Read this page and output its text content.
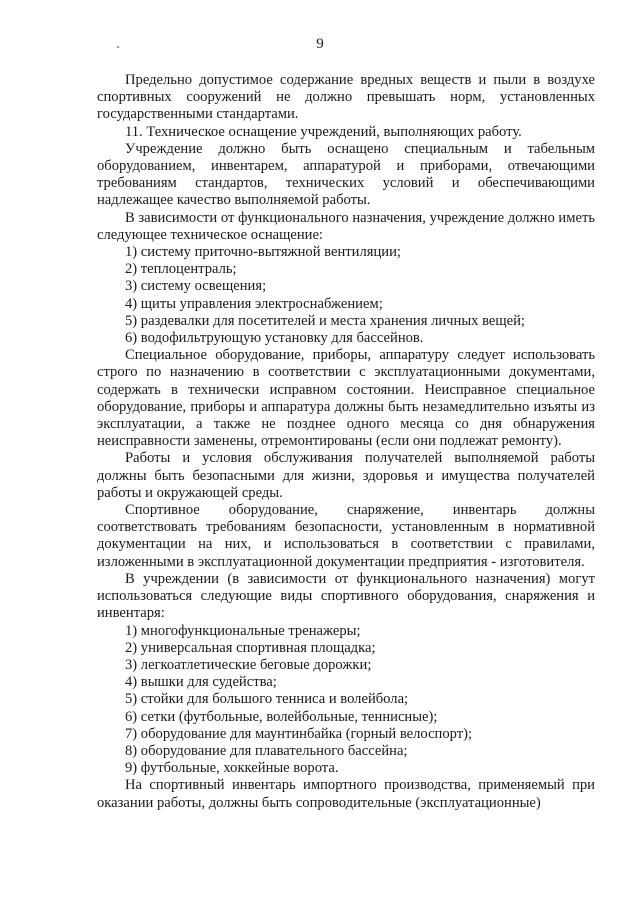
9

Предельно допустимое содержание вредных веществ и пыли в воздухе спортивных сооружений не должно превышать норм, установленных государственными стандартами.

11. Техническое оснащение учреждений, выполняющих работу.

Учреждение должно быть оснащено специальным и табельным оборудованием, инвентарем, аппаратурой и приборами, отвечающими требованиям стандартов, технических условий и обеспечивающими надлежащее качество выполняемой работы.

В зависимости от функционального назначения, учреждение должно иметь следующее техническое оснащение:

1) систему приточно-вытяжной вентиляции;
2) теплоцентраль;
3) систему освещения;
4) щиты управления электроснабжением;
5) раздевалки для посетителей и места хранения личных вещей;
6) водофильтрующую установку для бассейнов.

Специальное оборудование, приборы, аппаратуру следует использовать строго по назначению в соответствии с эксплуатационными документами, содержать в технически исправном состоянии. Неисправное специальное оборудование, приборы и аппаратура должны быть незамедлительно изъяты из эксплуатации, а также не позднее одного месяца со дня обнаружения неисправности заменены, отремонтированы (если они подлежат ремонту).

Работы и условия обслуживания получателей выполняемой работы должны быть безопасными для жизни, здоровья и имущества получателей работы и окружающей среды.

Спортивное оборудование, снаряжение, инвентарь должны соответствовать требованиям безопасности, установленным в нормативной документации на них, и использоваться в соответствии с правилами, изложенными в эксплуатационной документации предприятия - изготовителя.

В учреждении (в зависимости от функционального назначения) могут использоваться следующие виды спортивного оборудования, снаряжения и инвентаря:

1) многофункциональные тренажеры;
2) универсальная спортивная площадка;
3) легкоатлетические беговые дорожки;
4) вышки для судейства;
5) стойки для большого тенниса и волейбола;
6) сетки (футбольные, волейбольные, теннисные);
7) оборудование для маунтинбайка (горный велоспорт);
8) оборудование для плавательного бассейна;
9) футбольные, хоккейные ворота.

На спортивный инвентарь импортного производства, применяемый при оказании работы, должны быть сопроводительные (эксплуатационные)
